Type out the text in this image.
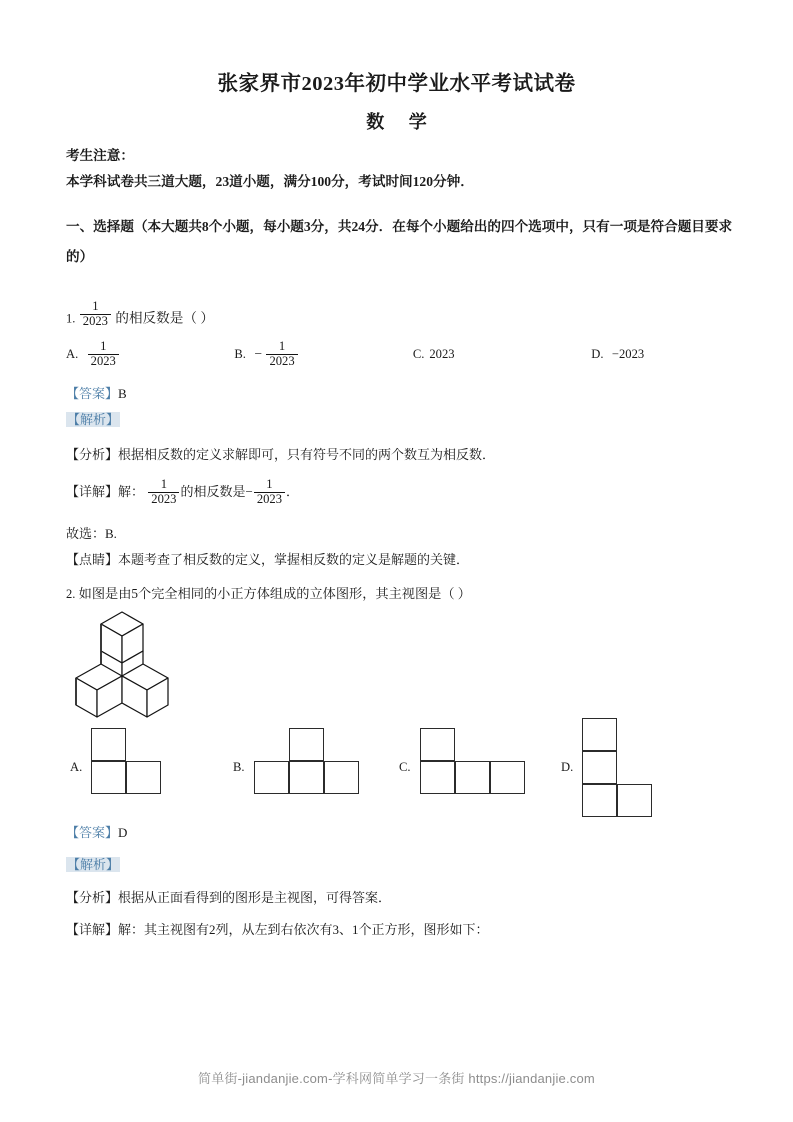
张家界市2023年初中学业水平考试试卷
数 学
考生注意：
本学科试卷共三道大题，23道小题，满分100分，考试时间120分钟．
一、选择题（本大题共8个小题，每小题3分，共24分．在每个小题给出的四个选项中，只有一项是符合题目要求的）
1. $\frac{1}{2023}$ 的相反数是（ ）
A. $\frac{1}{2023}$	B. − $\frac{1}{2023}$	C. 2023	D. −2023
【答案】B
【解析】
【分析】根据相反数的定义求解即可，只有符号不同的两个数互为相反数．
【详解】解： $\frac{1}{2023}$ 的相反数是− $\frac{1}{2023}$ ．
故选：B.
【点睛】本题考查了相反数的定义，掌握相反数的定义是解题的关键．
2. 如图是由5个完全相同的小正方体组成的立体图形，其主视图是（ ）
A.	B.	C.	D.
【答案】D
【解析】
【分析】根据从正面看得到的图形是主视图，可得答案．
【详解】解：其主视图有2列，从左到右依次有3、1个正方形，图形如下：
简单街-jiandanjie.com-学科网简单学习一条街 https://jiandanjie.com
